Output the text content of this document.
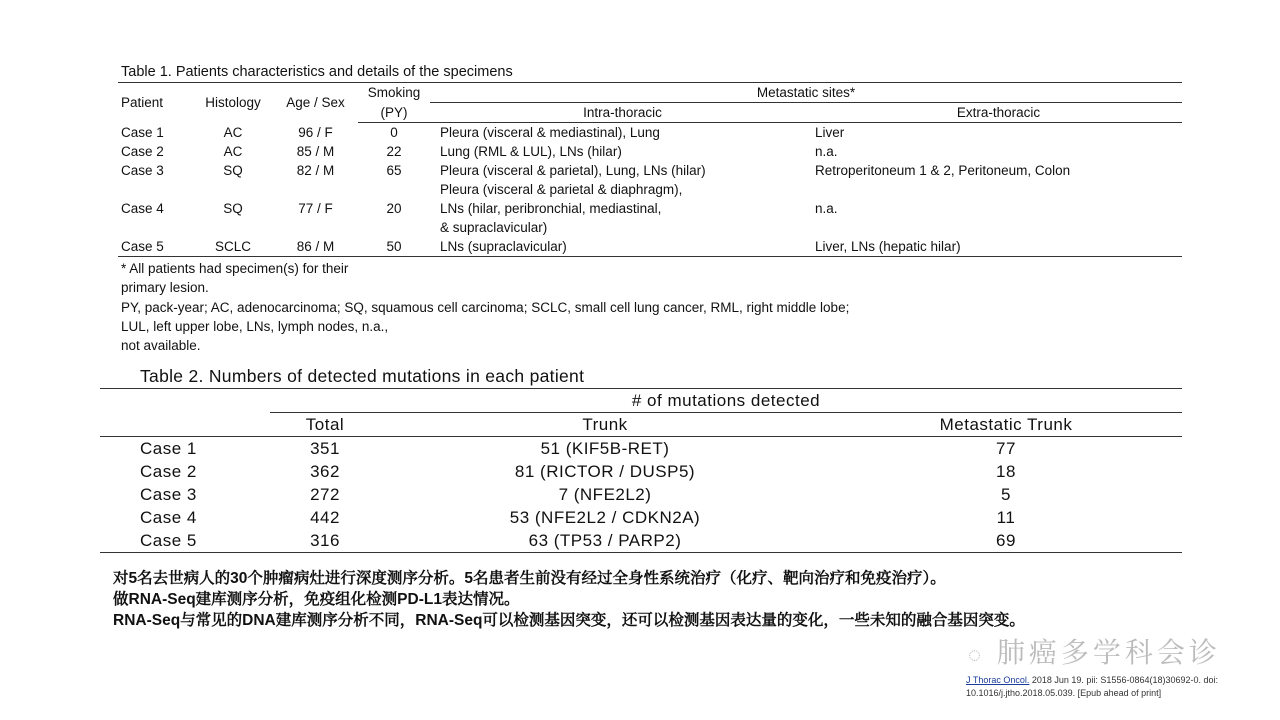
Table 1. Patients characteristics and details of the specimens
Patient	Histology	Age / Sex	Smoking	Metastatic sites*	
			(PY)	Intra-thoracic	Extra-thoracic
Case 1	AC	96 / F	0	Pleura (visceral & mediastinal), Lung	Liver
Case 2	AC	85 / M	22	Lung (RML & LUL), LNs (hilar)	n.a.
Case 3	SQ	82 / M	65	Pleura (visceral & parietal), Lung, LNs (hilar)	Retroperitoneum 1 & 2, Peritoneum, Colon
Case 4	SQ	77 / F	20	Pleura (visceral & parietal & diaphragm),	n.a.
				LNs (hilar, peribronchial, mediastinal,	
				& supraclavicular)	
Case 5	SCLC	86 / M	50	LNs (supraclavicular)	Liver, LNs (hepatic hilar)
* All patients had specimen(s) for their
primary lesion.
PY, pack-year; AC, adenocarcinoma; SQ, squamous cell carcinoma; SCLC, small cell lung cancer, RML, right middle lobe;
LUL, left upper lobe, LNs, lymph nodes, n.a.,
not available.
Table 2. Numbers of detected mutations in each patient
	# of mutations detected		
	Total	Trunk	Metastatic Trunk
Case 1	351	51 (KIF5B-RET)	77
Case 2	362	81 (RICTOR / DUSP5)	18
Case 3	272	7 (NFE2L2)	5
Case 4	442	53 (NFE2L2 / CDKN2A)	11
Case 5	316	63 (TP53 / PARP2)	69
对5名去世病人的30个肿瘤病灶进行深度测序分析。5名患者生前没有经过全身性系统治疗（化疗、靶向治疗和免疫治疗）。
做RNA-Seq建库测序分析，免疫组化检测PD-L1表达情况。
RNA-Seq与常见的DNA建库测序分析不同，RNA-Seq可以检测基因突变，还可以检测基因表达量的变化，一些未知的融合基因突变。
◌ 肺癌多学科会诊
J Thorac Oncol. 2018 Jun 19. pii: S1556-0864(18)30692-0. doi:
10.1016/j.jtho.2018.05.039. [Epub ahead of print]
